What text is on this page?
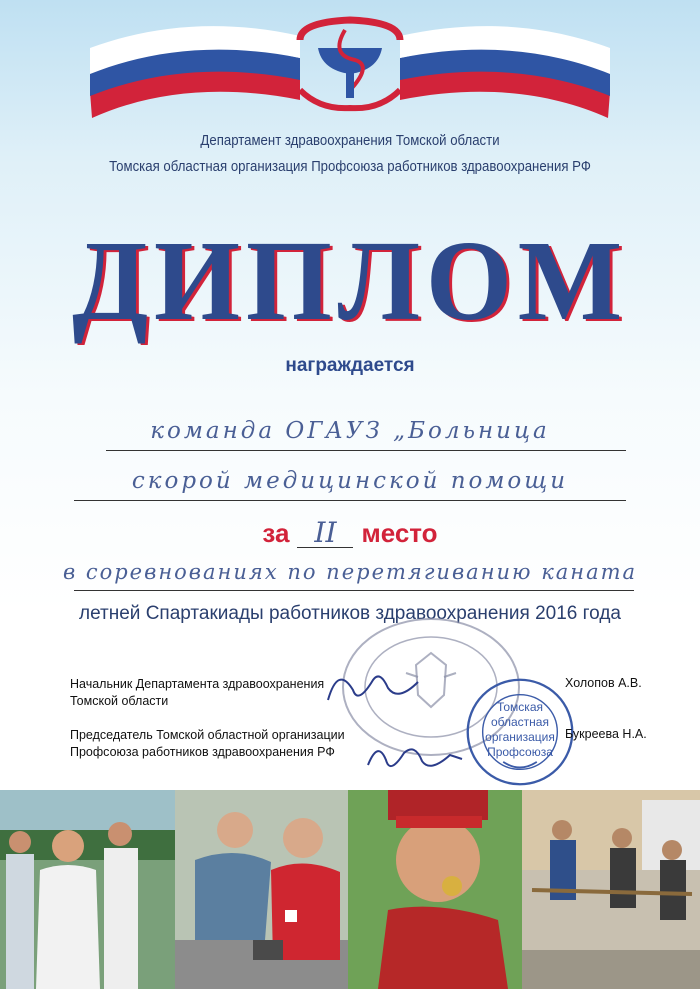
Департамент здравоохранения Томской области
Томская областная организация Профсоюза работников здравоохранения РФ
ДИПЛОМ
награждается
команда ОГАУЗ „Больница
скорой медицинской помощи
за II место
в соревнованиях по перетягиванию каната
летней Спартакиады работников здравоохранения 2016 года
Томская
областная
организация
Профсоюза
Начальник Департамента здравоохранения
Томской области
Холопов А.В.
Председатель Томской областной организации
Профсоюза работников здравоохранения РФ
Букреева Н.А.
